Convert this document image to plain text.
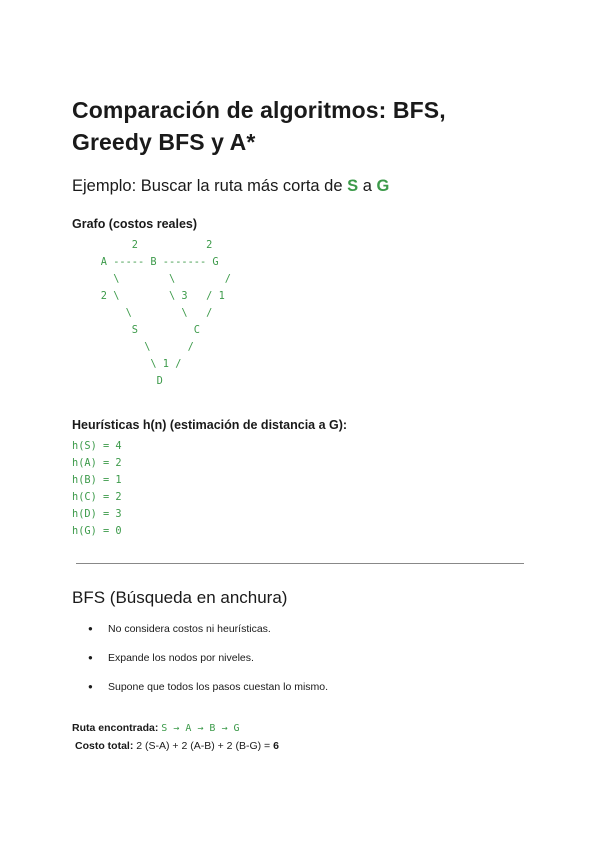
Comparación de algoritmos: BFS, Greedy BFS y A*
Ejemplo: Buscar la ruta más corta de S a G
Grafo (costos reales)
2           2
A ----- B ------- G
\        \        /
2 \        \ 3   / 1
\        \   /
S         C
\      /
\ 1 /
D
Heurísticas h(n) (estimación de distancia a G):
h(S) = 4
h(A) = 2
h(B) = 1
h(C) = 2
h(D) = 3
h(G) = 0
BFS (Búsqueda en anchura)
● No considera costos ni heurísticas.
● Expande los nodos por niveles.
● Supone que todos los pasos cuestan lo mismo.
Ruta encontrada: S → A → B → G
Costo total: 2 (S-A) + 2 (A-B) + 2 (B-G) = 6
